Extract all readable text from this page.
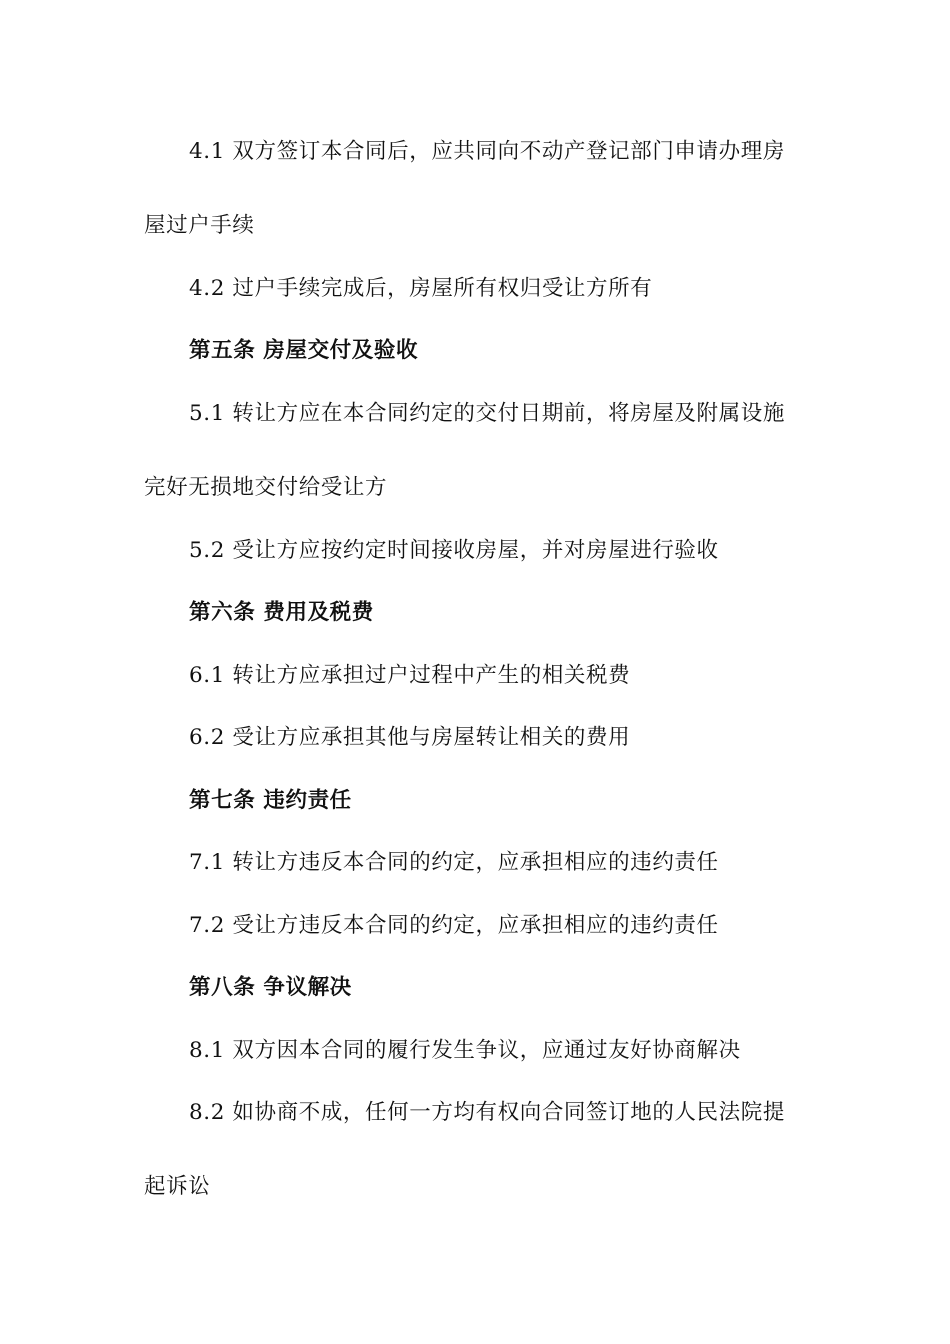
4.1 双方签订本合同后，应共同向不动产登记部门申请办理房
屋过户手续
4.2 过户手续完成后，房屋所有权归受让方所有
第五条 房屋交付及验收
5.1 转让方应在本合同约定的交付日期前，将房屋及附属设施
完好无损地交付给受让方
5.2 受让方应按约定时间接收房屋，并对房屋进行验收
第六条 费用及税费
6.1 转让方应承担过户过程中产生的相关税费
6.2 受让方应承担其他与房屋转让相关的费用
第七条 违约责任
7.1 转让方违反本合同的约定，应承担相应的违约责任
7.2 受让方违反本合同的约定，应承担相应的违约责任
第八条 争议解决
8.1 双方因本合同的履行发生争议，应通过友好协商解决
8.2 如协商不成，任何一方均有权向合同签订地的人民法院提
起诉讼
